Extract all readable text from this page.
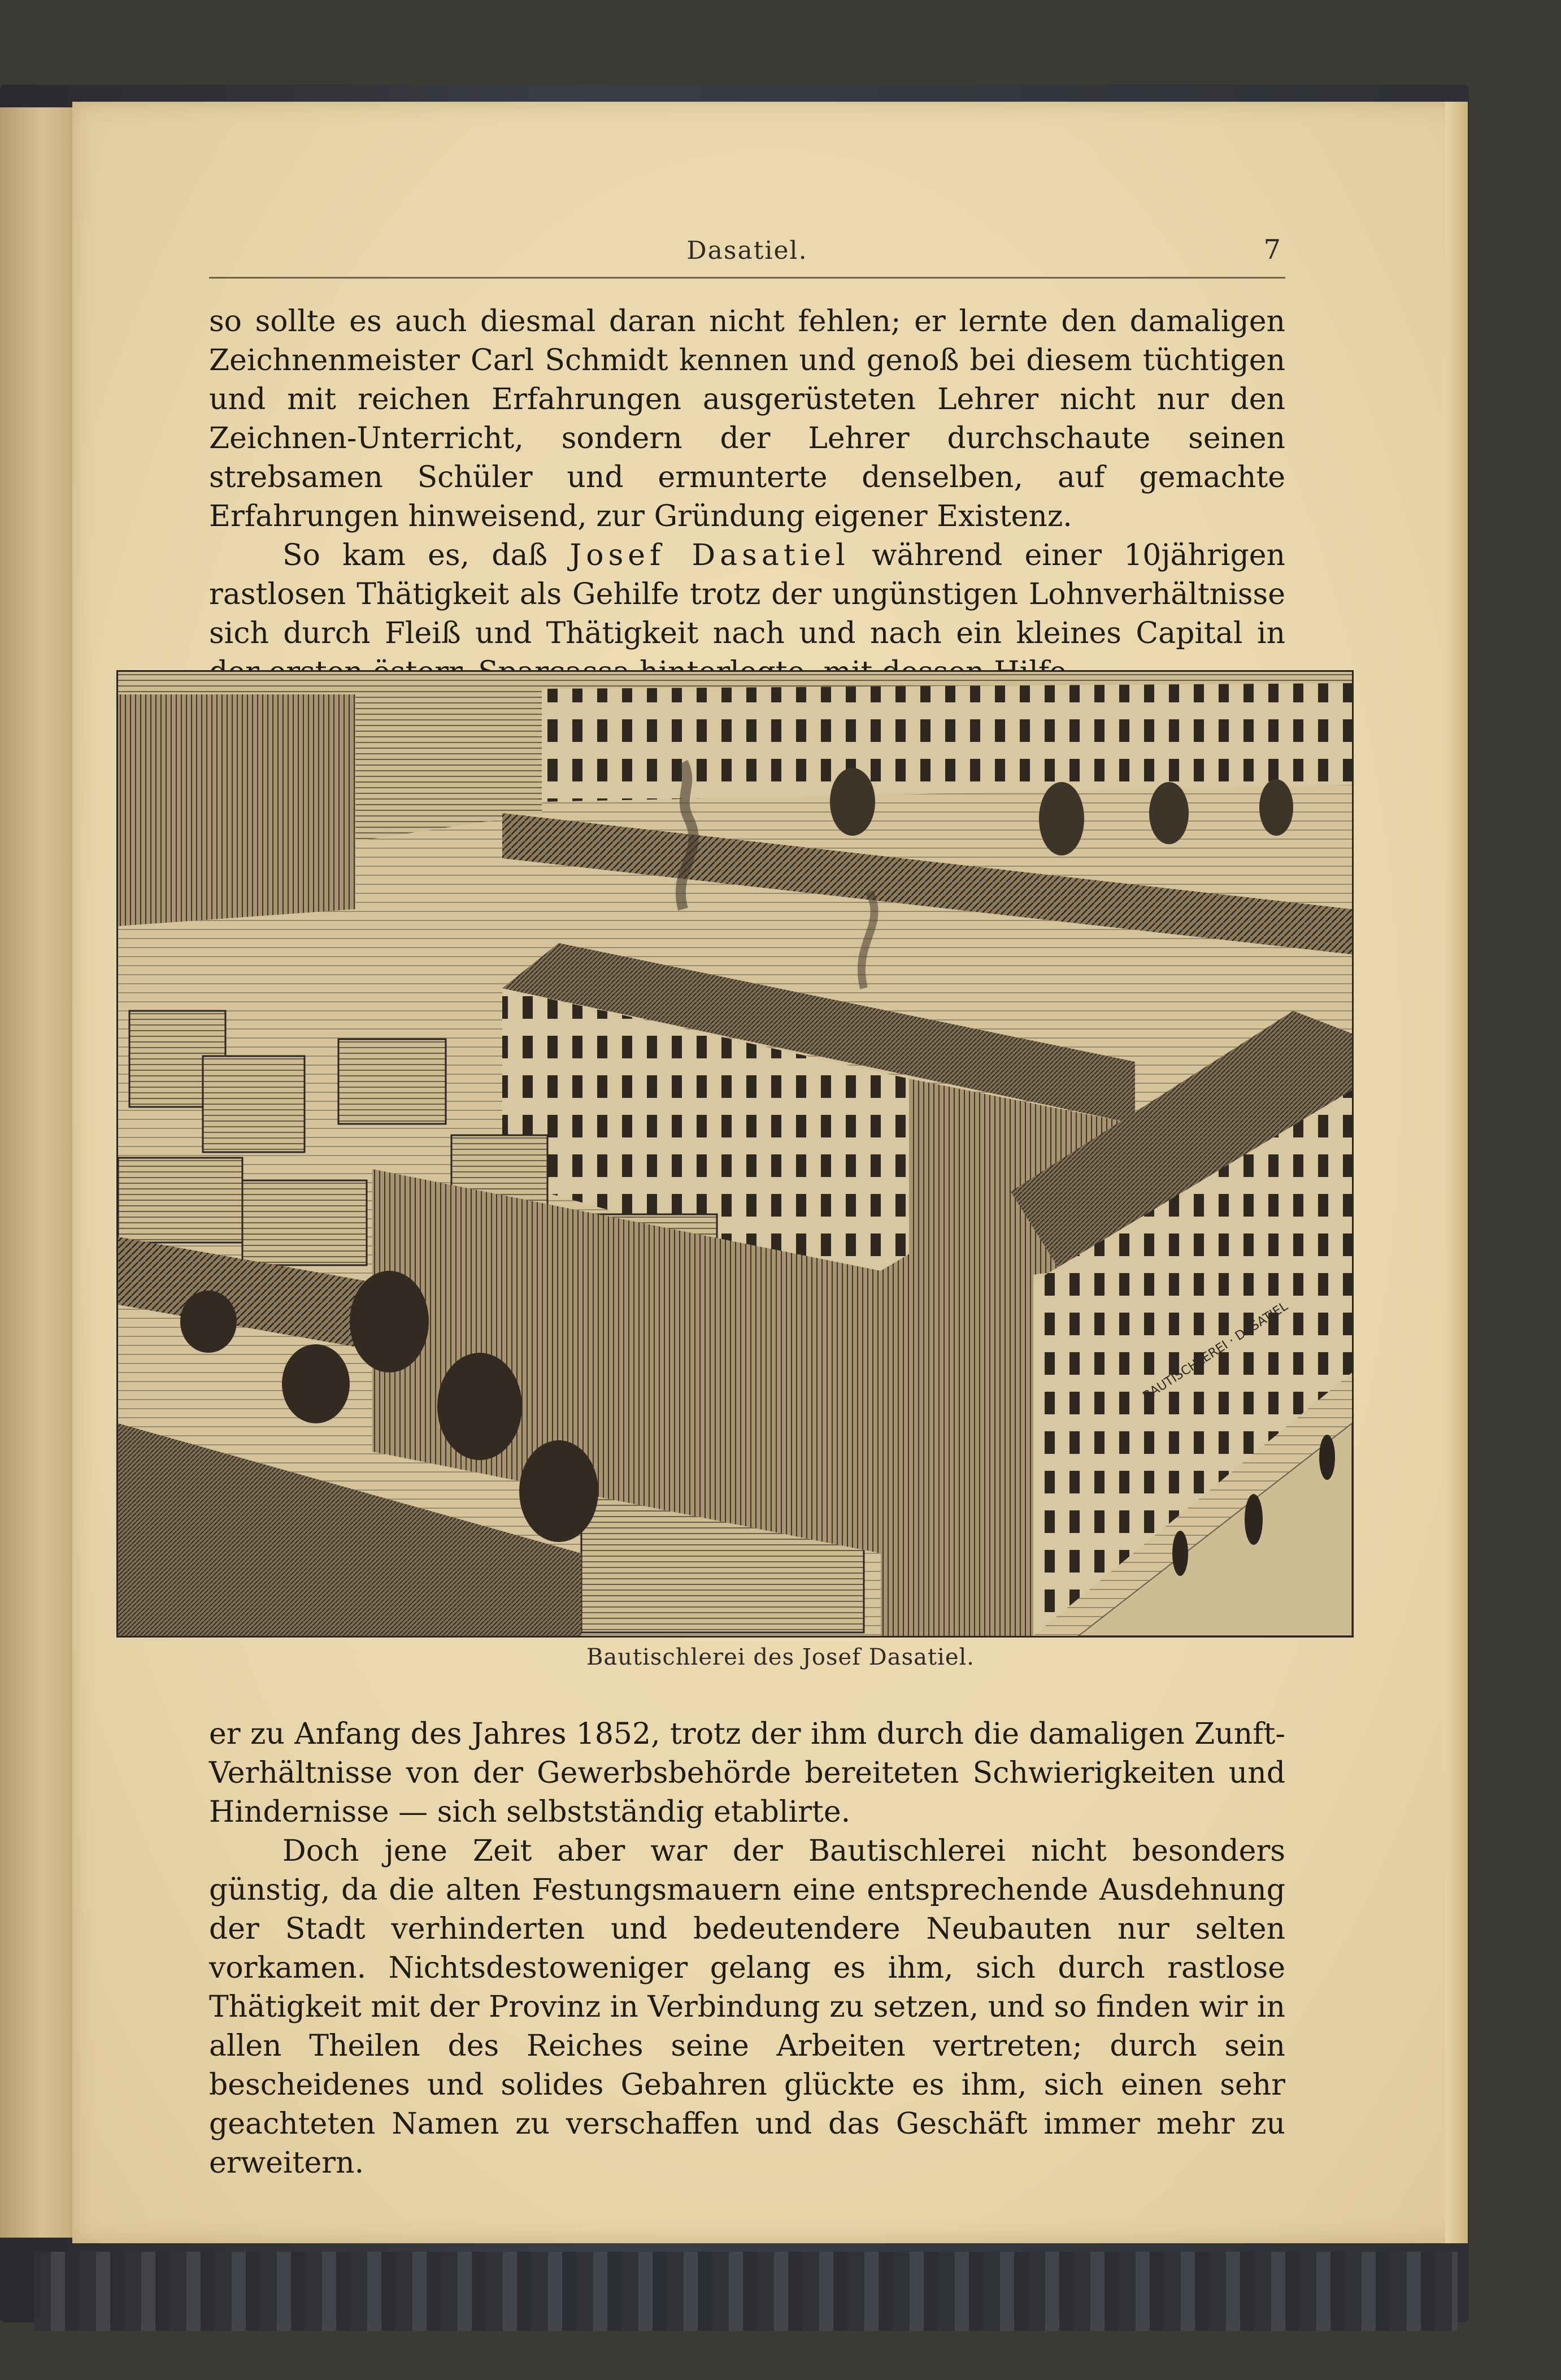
Dasatiel.	7

so sollte es auch diesmal daran nicht fehlen; er lernte den damaligen Zeichnenmeister Carl Schmidt kennen und genoß bei diesem tüchtigen und mit reichen Erfahrungen ausgerüsteten Lehrer nicht nur den Zeichnen-Unterricht, sondern der Lehrer durchschaute seinen strebsamen Schüler und ermunterte denselben, auf gemachte Erfahrungen hinweisend, zur Gründung eigener Existenz.

So kam es, daß Josef Dasatiel während einer 10jährigen rastlosen Thätigkeit als Gehilfe trotz der ungünstigen Lohnverhältnisse sich durch Fleiß und Thätigkeit nach und nach ein kleines Capital in

BAUTISCHLEREI · DASATIEL
Bautischlerei des Josef Dasatiel.

er zu Anfang des Jahres 1852, trotz der ihm durch die damaligen Zunft-Verhältnisse von der Gewerbsbehörde bereiteten Schwierigkeiten und Hindernisse — sich selbstständig etablirte.

Doch jene Zeit aber war der Bautischlerei nicht besonders günstig, da die alten Festungsmauern eine entsprechende Ausdehnung der Stadt verhinderten und bedeutendere Neubauten nur selten vorkamen. Nichtsdestoweniger gelang es ihm, sich durch rastlose Thätigkeit mit der Provinz in Verbindung zu setzen, und so finden wir in allen Theilen des Reiches seine Arbeiten vertreten; durch sein bescheidenes und solides Gebahren glückte es ihm, sich einen sehr geachteten Namen zu verschaffen und das Geschäft immer mehr zu erweitern.
